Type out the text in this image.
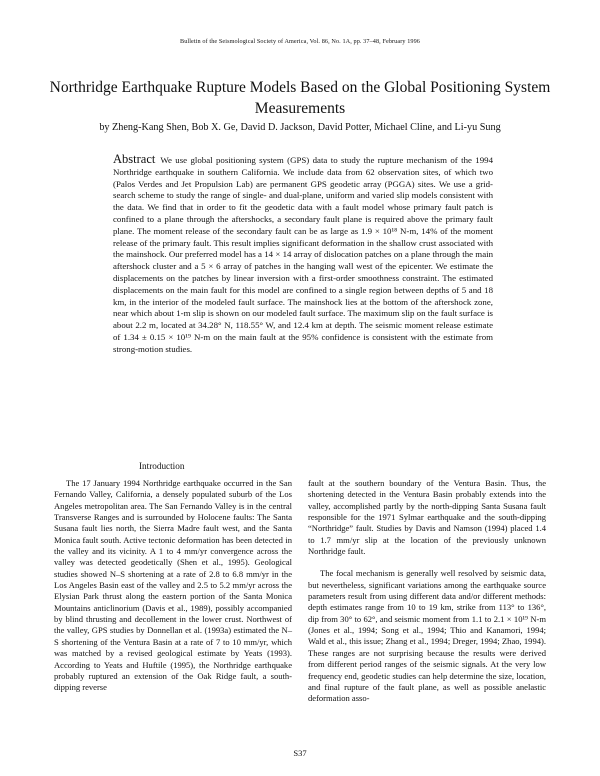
Bulletin of the Seismological Society of America, Vol. 86, No. 1A, pp. 37–48, February 1996
Northridge Earthquake Rupture Models Based on the Global Positioning System Measurements
by Zheng-Kang Shen, Bob X. Ge, David D. Jackson, David Potter, Michael Cline, and Li-yu Sung
Abstract We use global positioning system (GPS) data to study the rupture mechanism of the 1994 Northridge earthquake in southern California. We include data from 62 observation sites, of which two (Palos Verdes and Jet Propulsion Lab) are permanent GPS geodetic array (PGGA) sites. We use a grid-search scheme to study the range of single- and dual-plane, uniform and varied slip models consistent with the data. We find that in order to fit the geodetic data with a fault model whose primary fault patch is confined to a plane through the aftershocks, a secondary fault plane is required above the primary fault plane. The moment release of the secondary fault can be as large as 1.9 × 10¹⁸ N-m, 14% of the moment release of the primary fault. This result implies significant deformation in the shallow crust associated with the mainshock. Our preferred model has a 14 × 14 array of dislocation patches on a plane through the main aftershock cluster and a 5 × 6 array of patches in the hanging wall west of the epicenter. We estimate the displacements on the patches by linear inversion with a first-order smoothness constraint. The estimated displacements on the main fault for this model are confined to a single region between depths of 5 and 18 km, in the interior of the modeled fault surface. The mainshock lies at the bottom of the aftershock zone, near which about 1-m slip is shown on our modeled fault surface. The maximum slip on the fault surface is about 2.2 m, located at 34.28° N, 118.55° W, and 12.4 km at depth. The seismic moment release estimate of 1.34 ± 0.15 × 10¹⁹ N-m on the main fault at the 95% confidence is consistent with the estimate from strong-motion studies.
Introduction

The 17 January 1994 Northridge earthquake occurred in the San Fernando Valley, California, a densely populated suburb of the Los Angeles metropolitan area. The San Fernando Valley is in the central Transverse Ranges and is surrounded by Holocene faults: The Santa Susana fault lies north, the Sierra Madre fault west, and the Santa Monica fault south. Active tectonic deformation has been detected in the valley and its vicinity. A 1 to 4 mm/yr convergence across the valley was detected geodetically (Shen et al., 1995). Geological studies showed N–S shortening at a rate of 2.8 to 6.8 mm/yr in the Los Angeles Basin east of the valley and 2.5 to 5.2 mm/yr across the Elysian Park thrust along the eastern portion of the Santa Monica Mountains anticlinorium (Davis et al., 1989), possibly accompanied by blind thrusting and decollement in the lower crust. Northwest of the valley, GPS studies by Donnellan et al. (1993a) estimated the N–S shortening of the Ventura Basin at a rate of 7 to 10 mm/yr, which was matched by a revised geological estimate by Yeats (1993). According to Yeats and Huftile (1995), the Northridge earthquake probably ruptured an extension of the Oak Ridge fault, a south-dipping reverse

fault at the southern boundary of the Ventura Basin. Thus, the shortening detected in the Ventura Basin probably extends into the valley, accomplished partly by the north-dipping Santa Susana fault responsible for the 1971 Sylmar earthquake and the south-dipping “Northridge” fault. Studies by Davis and Namson (1994) placed 1.4 to 1.7 mm/yr slip at the location of the previously unknown Northridge fault.

The focal mechanism is generally well resolved by seismic data, but nevertheless, significant variations among the earthquake source parameters result from using different data and/or different methods: depth estimates range from 10 to 19 km, strike from 113° to 136°, dip from 30° to 62°, and seismic moment from 1.1 to 2.1 × 10¹⁹ N-m (Jones et al., 1994; Song et al., 1994; Thio and Kanamori, 1994; Wald et al., this issue; Zhang et al., 1994; Dreger, 1994; Zhao, 1994). These ranges are not surprising because the results were derived from different period ranges of the seismic signals. At the very low frequency end, geodetic studies can help determine the size, location, and final rupture of the fault plane, as well as possible anelastic deformation asso-

S37
